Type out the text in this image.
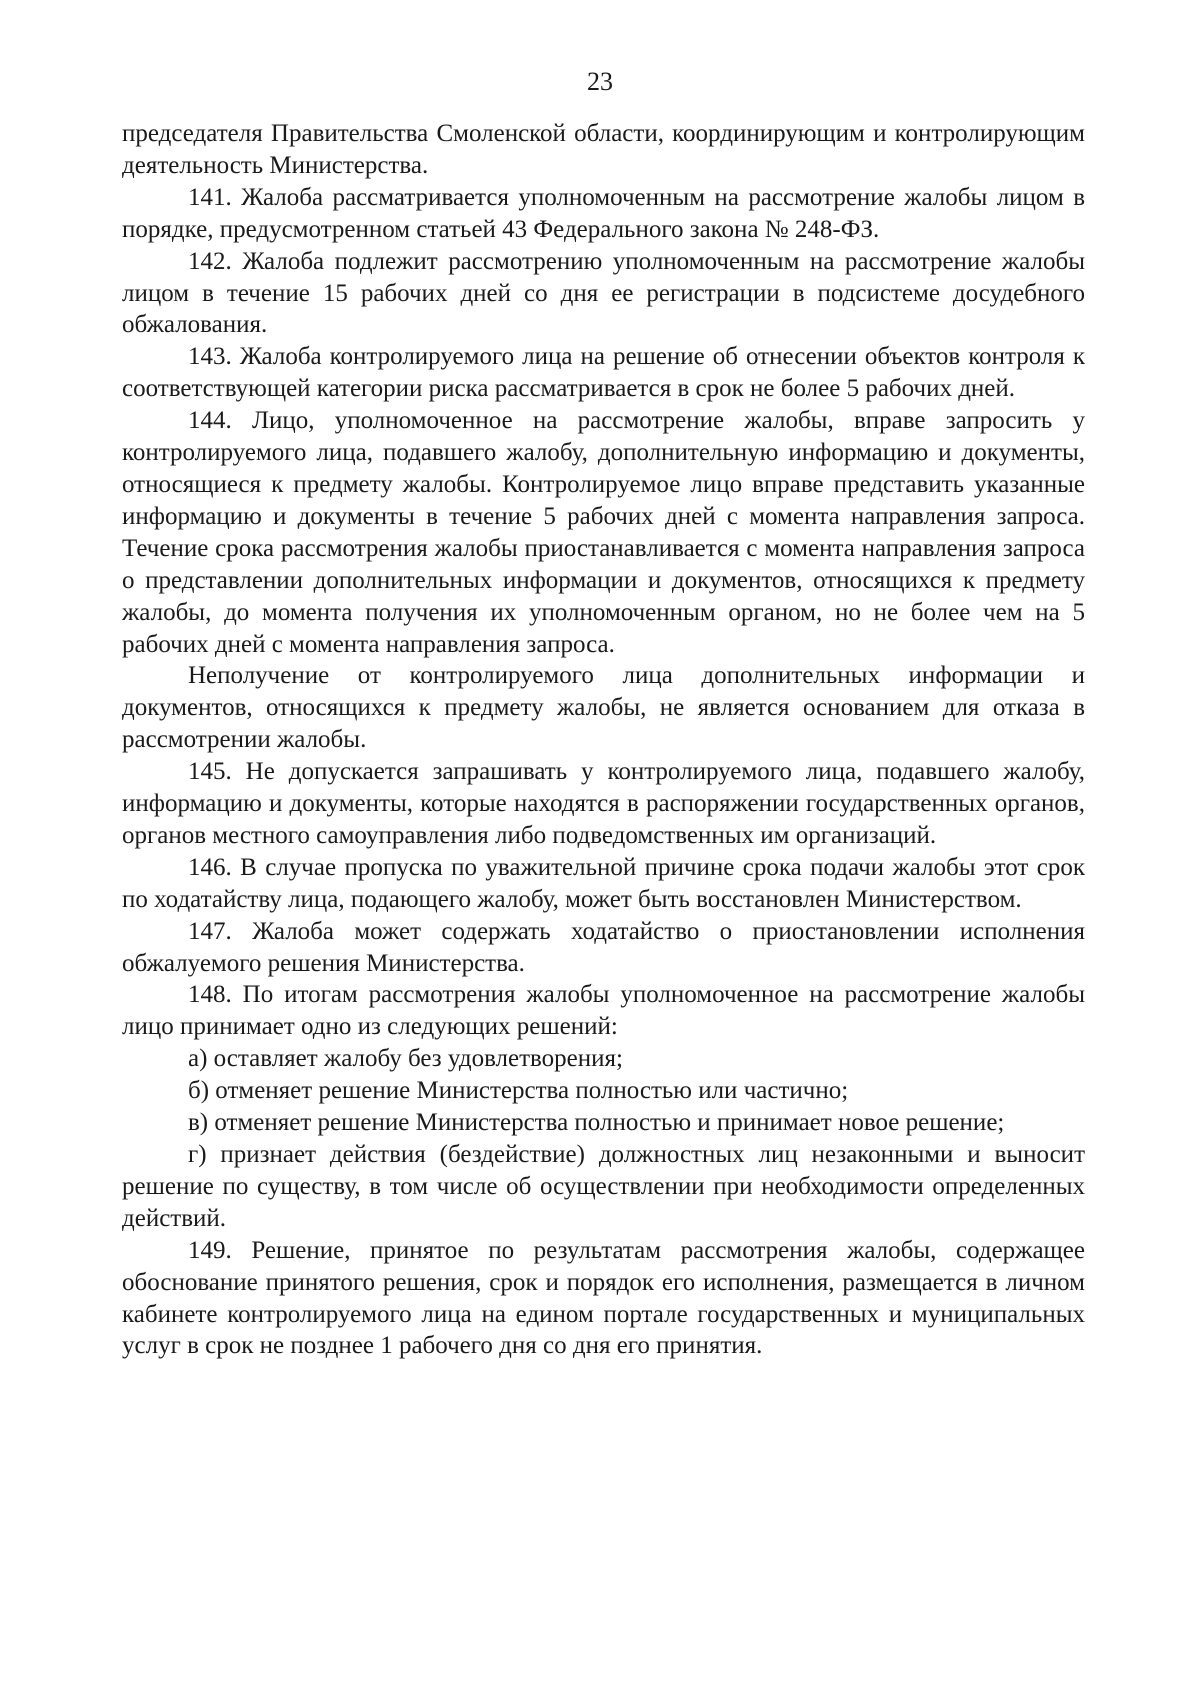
23

председателя Правительства Смоленской области, координирующим и контролирующим деятельность Министерства.

141. Жалоба рассматривается уполномоченным на рассмотрение жалобы лицом в порядке, предусмотренном статьей 43 Федерального закона № 248-ФЗ.

142. Жалоба подлежит рассмотрению уполномоченным на рассмотрение жалобы лицом в течение 15 рабочих дней со дня ее регистрации в подсистеме досудебного обжалования.

143. Жалоба контролируемого лица на решение об отнесении объектов контроля к соответствующей категории риска рассматривается в срок не более 5 рабочих дней.

144. Лицо, уполномоченное на рассмотрение жалобы, вправе запросить у контролируемого лица, подавшего жалобу, дополнительную информацию и документы, относящиеся к предмету жалобы. Контролируемое лицо вправе представить указанные информацию и документы в течение 5 рабочих дней с момента направления запроса. Течение срока рассмотрения жалобы приостанавливается с момента направления запроса о представлении дополнительных информации и документов, относящихся к предмету жалобы, до момента получения их уполномоченным органом, но не более чем на 5 рабочих дней с момента направления запроса.

Неполучение от контролируемого лица дополнительных информации и документов, относящихся к предмету жалобы, не является основанием для отказа в рассмотрении жалобы.

145. Не допускается запрашивать у контролируемого лица, подавшего жалобу, информацию и документы, которые находятся в распоряжении государственных органов, органов местного самоуправления либо подведомственных им организаций.

146. В случае пропуска по уважительной причине срока подачи жалобы этот срок по ходатайству лица, подающего жалобу, может быть восстановлен Министерством.

147. Жалоба может содержать ходатайство о приостановлении исполнения обжалуемого решения Министерства.

148. По итогам рассмотрения жалобы уполномоченное на рассмотрение жалобы лицо принимает одно из следующих решений:

а) оставляет жалобу без удовлетворения;

б) отменяет решение Министерства полностью или частично;

в) отменяет решение Министерства полностью и принимает новое решение;

г) признает действия (бездействие) должностных лиц незаконными и выносит решение по существу, в том числе об осуществлении при необходимости определенных действий.

149. Решение, принятое по результатам рассмотрения жалобы, содержащее обоснование принятого решения, срок и порядок его исполнения, размещается в личном кабинете контролируемого лица на едином портале государственных и муниципальных услуг в срок не позднее 1 рабочего дня со дня его принятия.
